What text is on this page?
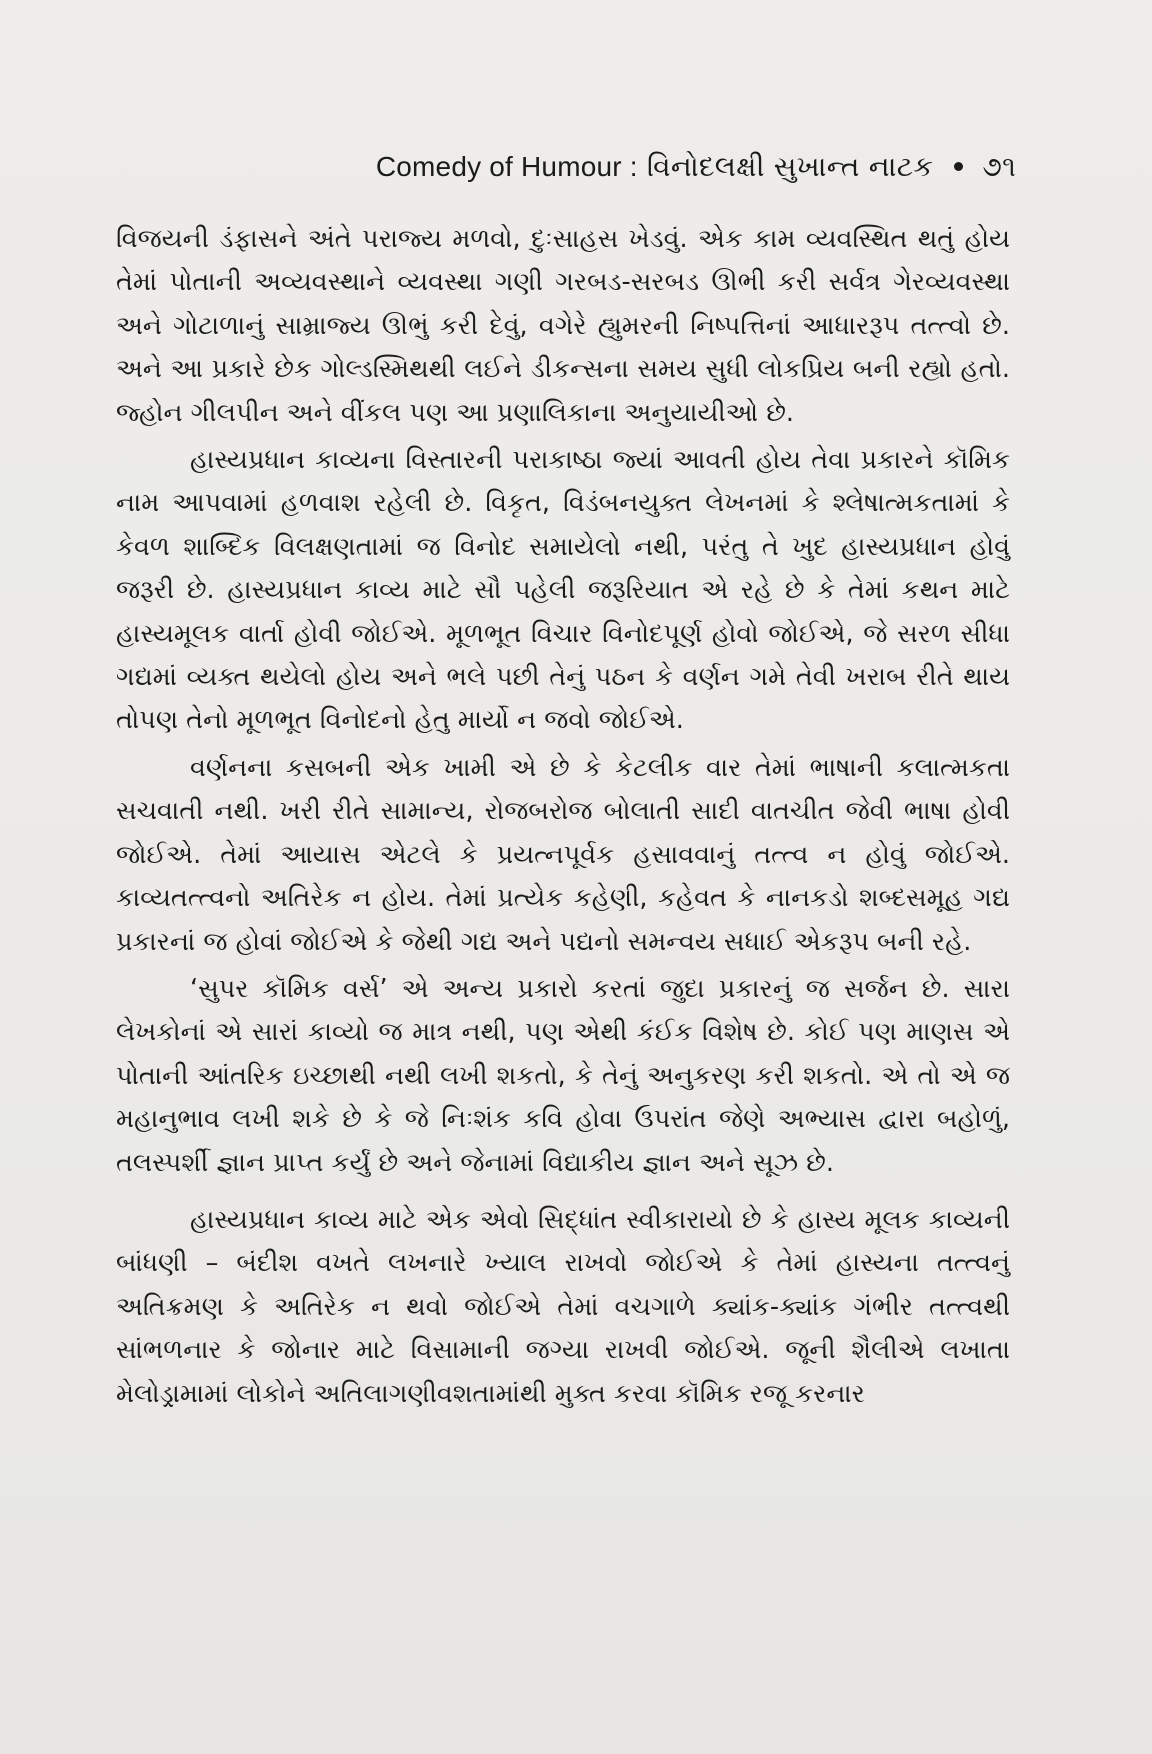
Comedy of Humour : વિનોદલક્ષી સુખાન્ત નાટક ૭૧

વિજયની ડંફાસને અંતે પરાજ્ય મળવો, દુઃસાહસ ખેડવું. એક કામ વ્યવસ્થિત થતું હોય તેમાં પોતાની અવ્યવસ્થાને વ્યવસ્થા ગણી ગરબડ-સરબડ ઊભી કરી સર્વત્ર ગેરવ્યવસ્થા અને ગોટાળાનું સામ્રાજ્ય ઊભું કરી દેવું, વગેરે હ્યુમરની નિષ્પત્તિનાં આધારરૂપ તત્ત્વો છે. અને આ પ્રકારે છેક ગોલ્ડસ્મિથથી લઈને ડીકન્સના સમય સુધી લોકપ્રિય બની રહ્યો હતો. જ્હોન ગીલપીન અને વીંકલ પણ આ પ્રણાલિકાના અનુયાયીઓ છે.

હાસ્યપ્રધાન કાવ્યના વિસ્તારની પરાકાષ્ઠા જ્યાં આવતી હોય તેવા પ્રકારને કૉમિક નામ આપવામાં હળવાશ રહેલી છે. વિકૃત, વિડંબનયુક્ત લેખનમાં કે શ્લેષાત્મકતામાં કે કેવળ શાબ્દિક વિલક્ષણતામાં જ વિનોદ સમાયેલો નથી, પરંતુ તે ખુદ હાસ્યપ્રધાન હોવું જરૂરી છે. હાસ્યપ્રધાન કાવ્ય માટે સૌ પહેલી જરૂરિયાત એ રહે છે કે તેમાં કથન માટે હાસ્યમૂલક વાર્તા હોવી જોઈએ. મૂળભૂત વિચાર વિનોદપૂર્ણ હોવો જોઈએ, જે સરળ સીધા ગદ્યમાં વ્યક્ત થયેલો હોય અને ભલે પછી તેનું પઠન કે વર્ણન ગમે તેવી ખરાબ રીતે થાય તોપણ તેનો મૂળભૂત વિનોદનો હેતુ માર્યો ન જવો જોઈએ.

વર્ણનના કસબની એક ખામી એ છે કે કેટલીક વાર તેમાં ભાષાની કલાત્મકતા સચવાતી નથી. ખરી રીતે સામાન્ય, રોજબરોજ બોલાતી સાદી વાતચીત જેવી ભાષા હોવી જોઈએ. તેમાં આયાસ એટલે કે પ્રયત્નપૂર્વક હસાવવાનું તત્ત્વ ન હોવું જોઈએ. કાવ્યતત્ત્વનો અતિરેક ન હોય. તેમાં પ્રત્યેક કહેણી, કહેવત કે નાનકડો શબ્દસમૂહ ગદ્ય પ્રકારનાં જ હોવાં જોઈએ કે જેથી ગદ્ય અને પદ્યનો સમન્વય સધાઈ એકરૂપ બની રહે.

‘સુપર કૉમિક વર્સ’ એ અન્ય પ્રકારો કરતાં જુદા પ્રકારનું જ સર્જન છે. સારા લેખકોનાં એ સારાં કાવ્યો જ માત્ર નથી, પણ એથી કંઈક વિશેષ છે. કોઈ પણ માણસ એ પોતાની આંતરિક ઇચ્છાથી નથી લખી શકતો, કે તેનું અનુકરણ કરી શકતો. એ તો એ જ મહાનુભાવ લખી શકે છે કે જે નિઃશંક કવિ હોવા ઉપરાંત જેણે અભ્યાસ દ્વારા બહોળું, તલસ્પર્શી જ્ઞાન પ્રાપ્ત કર્યું છે અને જેનામાં વિદ્યાકીય જ્ઞાન અને સૂઝ છે.

હાસ્યપ્રધાન કાવ્ય માટે એક એવો સિદ્ધાંત સ્વીકારાયો છે કે હાસ્ય મૂલક કાવ્યની બાંધણી – બંદીશ વખતે લખનારે ખ્યાલ રાખવો જોઈએ કે તેમાં હાસ્યના તત્ત્વનું અતિક્રમણ કે અતિરેક ન થવો જોઈએ તેમાં વચગાળે ક્યાંક-ક્યાંક ગંભીર તત્ત્વથી સાંભળનાર કે જોનાર માટે વિસામાની જગ્યા રાખવી જોઈએ. જૂની શૈલીએ લખાતા મેલોડ્રામામાં લોકોને અતિલાગણીવશતામાંથી મુક્ત કરવા કૉમિક રજૂ કરનાર
